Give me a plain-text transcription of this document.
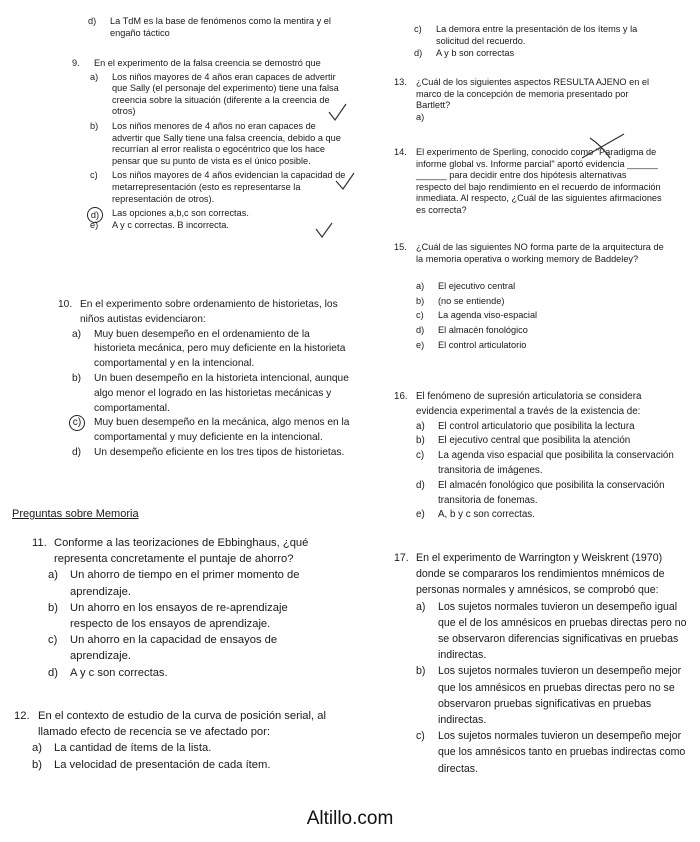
d) La TdM es la base de fenómenos como la mentira y el engaño táctico
9. En el experimento de la falsa creencia se demostró que
a) Los niños mayores de 4 años eran capaces de advertir que Sally (el personaje del experimento) tiene una falsa creencia sobre la situación (diferente a la creencia de otros)
b) Los niños menores de 4 años no eran capaces de advertir que Sally tiene una falsa creencia, debido a que recurrían al error realista o egocéntrico que los hace pensar que su punto de vista es el único posible.
c) Los niños mayores de 4 años evidencian la capacidad de metarrepresentación (esto es representarse la representación de otros).
d)	Las opciones a,b,c son correctas.
e) A y c correctas. B incorrecta.
10. En el experimento sobre ordenamiento de historietas, los niños autistas evidenciaron:
a) Muy buen desempeño en el ordenamiento de la historieta mecánica, pero muy deficiente en la historieta comportamental y en la intencional.
b) Un buen desempeño en la historieta intencional, aunque algo menor el logrado en las historietas mecánicas y comportamental.
c)	Muy buen desempeño en la mecánica, algo menos en la comportamental y muy deficiente en la intencional.
d) Un desempeño eficiente en los tres tipos de historietas.
Preguntas sobre Memoria
11. Conforme a las teorizaciones de Ebbinghaus, ¿qué representa concretamente el puntaje de ahorro?
a) Un ahorro de tiempo en el primer momento de aprendizaje.
b) Un ahorro en los ensayos de re-aprendizaje respecto de los ensayos de aprendizaje.
c) Un ahorro en la capacidad de ensayos de aprendizaje.
d) A y c son correctas.
12. En el contexto de estudio de la curva de posición serial, al llamado efecto de recencia se ve afectado por:
a) La cantidad de ítems de la lista.
b) La velocidad de presentación de cada ítem.
c) La demora entre la presentación de los ítems y la solicitud del recuerdo.
d) A y b son correctas
13. ¿Cuál de los siguientes aspectos RESULTA AJENO en el marco de la concepción de memoria presentado por Bartlett?
a)
14. El experimento de Sperling, conocido como "Paradigma de informe global vs. Informe parcial" aportó evidencia ______ ______ para decidir entre dos hipótesis alternativas respecto del bajo rendimiento en el recuerdo de información inmediata. Al respecto, ¿Cuál de las siguientes afirmaciones es correcta?
15. ¿Cuál de las siguientes NO forma parte de la arquitectura de la memoria operativa o working memory de Baddeley?
a) El ejecutivo central
b) (no se entiende)
c) La agenda viso-espacial
d) El almacén fonológico
e) El control articulatorio
16. El fenómeno de supresión articulatoria se considera evidencia experimental a través de la existencia de:
a) El control articulatorio que posibilita la lectura
b) El ejecutivo central que posibilita la atención
c) La agenda viso espacial que posibilita la conservación transitoria de imágenes.
d) El almacén fonológico que posibilita la conservación transitoria de fonemas.
e) A, b y c son correctas.
17. En el experimento de Warrington y Weiskrent (1970) donde se compararos los rendimientos mnémicos de personas normales y amnésicos, se comprobó que:
a) Los sujetos normales tuvieron un desempeño igual que el de los amnésicos en pruebas directas pero no se observaron diferencias significativas en pruebas indirectas.
b) Los sujetos normales tuvieron un desempeño mejor que los amnésicos en pruebas directas pero no se observaron pruebas significativas en pruebas indirectas.
c) Los sujetos normales tuvieron un desempeño mejor que los amnésicos tanto en pruebas indirectas como directas.
Altillo.com
